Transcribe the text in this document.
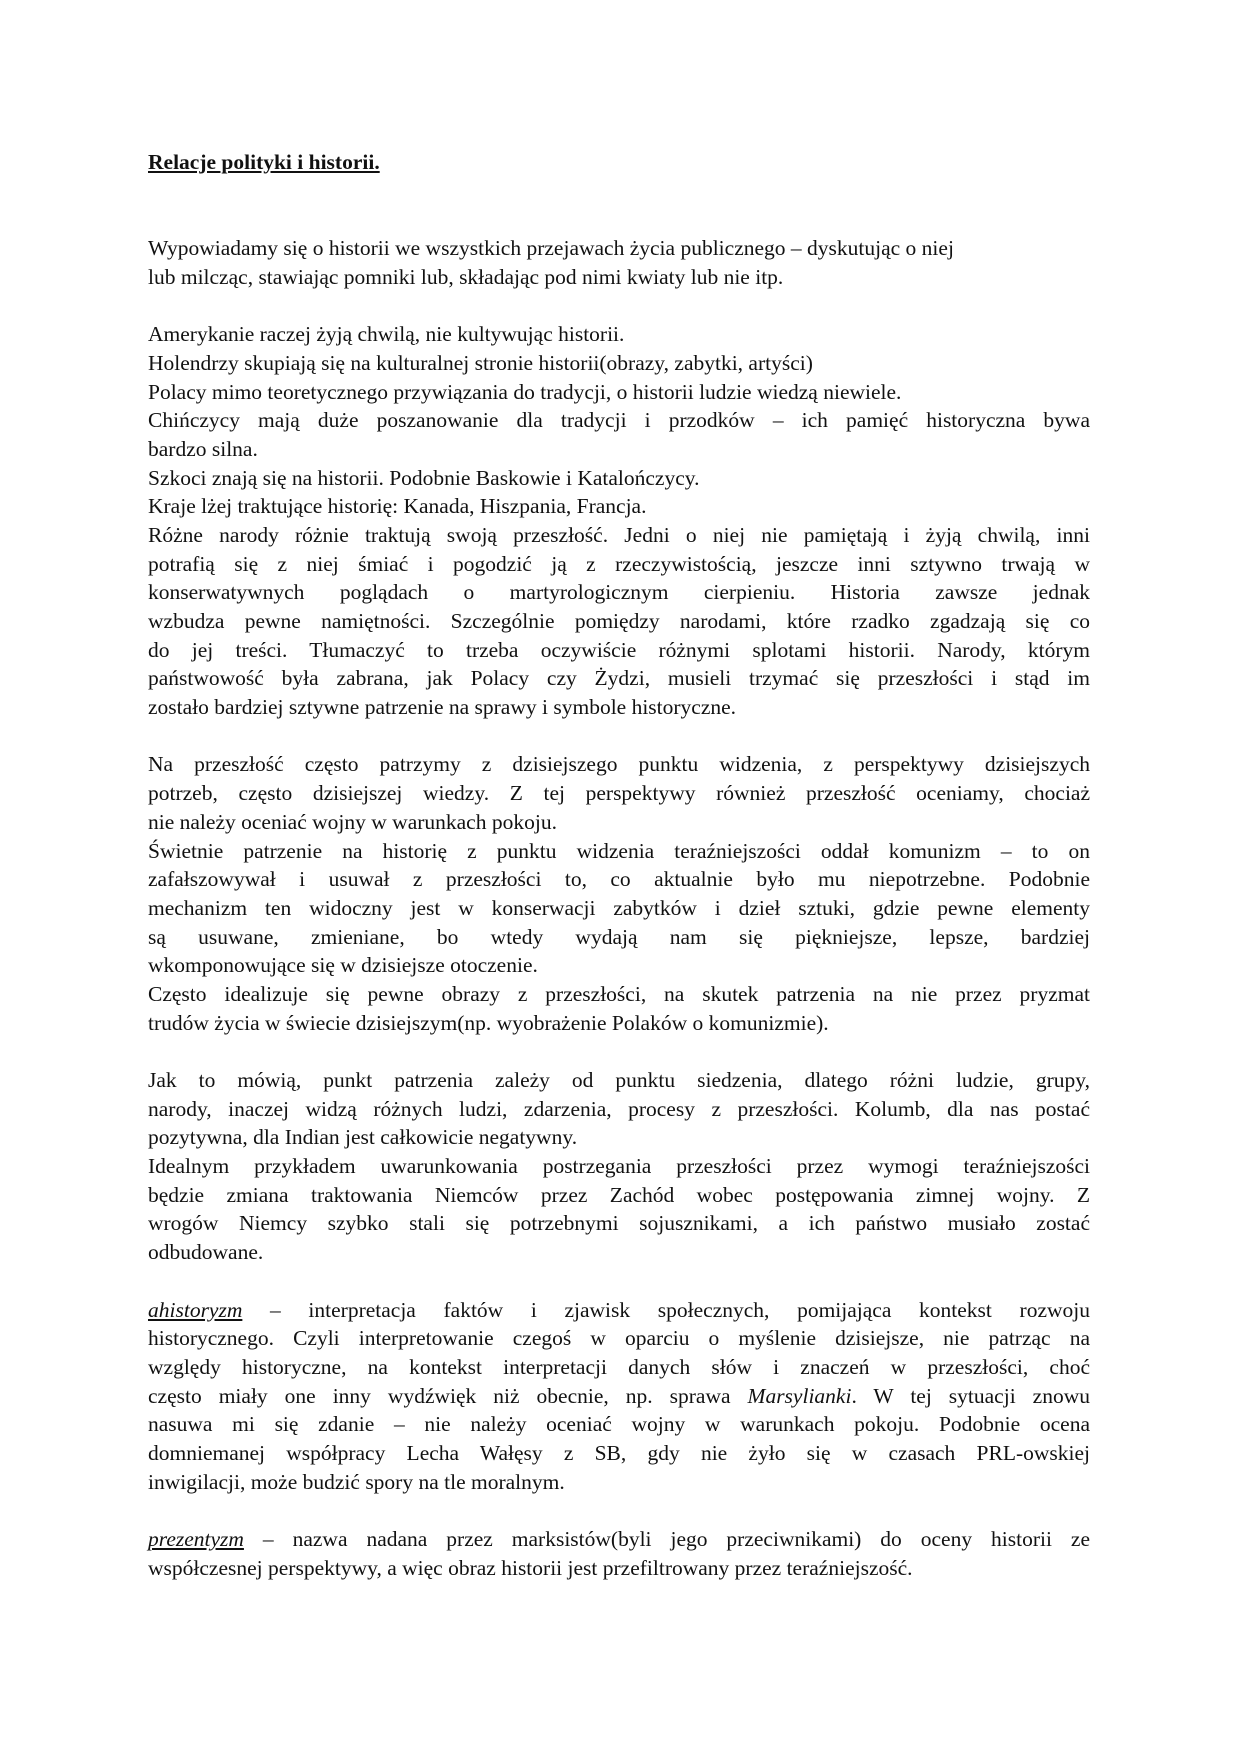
Relacje polityki i historii.
Wypowiadamy się o historii we wszystkich przejawach życia publicznego – dyskutując o niej
lub milcząc, stawiając pomniki lub, składając pod nimi kwiaty lub nie itp.
Amerykanie raczej żyją chwilą, nie kultywując historii.
Holendrzy skupiają się na kulturalnej stronie historii(obrazy, zabytki, artyści)
Polacy mimo teoretycznego przywiązania do tradycji, o historii ludzie wiedzą niewiele.
Chińczycy mają duże poszanowanie dla tradycji i przodków – ich pamięć historyczna bywa
bardzo silna.
Szkoci znają się na historii. Podobnie Baskowie i Katalończycy.
Kraje lżej traktujące historię: Kanada, Hiszpania, Francja.
Różne narody różnie traktują swoją przeszłość. Jedni o niej nie pamiętają i żyją chwilą, inni
potrafią się z niej śmiać i pogodzić ją z rzeczywistością, jeszcze inni sztywno trwają w
konserwatywnych poglądach o martyrologicznym cierpieniu. Historia zawsze jednak
wzbudza pewne namiętności. Szczególnie pomiędzy narodami, które rzadko zgadzają się co
do jej treści. Tłumaczyć to trzeba oczywiście różnymi splotami historii. Narody, którym
państwowość była zabrana, jak Polacy czy Żydzi, musieli trzymać się przeszłości i stąd im
zostało bardziej sztywne patrzenie na sprawy i symbole historyczne.
Na przeszłość często patrzymy z dzisiejszego punktu widzenia, z perspektywy dzisiejszych
potrzeb, często dzisiejszej wiedzy. Z tej perspektywy również przeszłość oceniamy, chociaż
nie należy oceniać wojny w warunkach pokoju.
Świetnie patrzenie na historię z punktu widzenia teraźniejszości oddał komunizm – to on
zafałszowywał i usuwał z przeszłości to, co aktualnie było mu niepotrzebne. Podobnie
mechanizm ten widoczny jest w konserwacji zabytków i dzieł sztuki, gdzie pewne elementy
są usuwane, zmieniane, bo wtedy wydają nam się piękniejsze, lepsze, bardziej
wkomponowujące się w dzisiejsze otoczenie.
Często idealizuje się pewne obrazy z przeszłości, na skutek patrzenia na nie przez pryzmat
trudów życia w świecie dzisiejszym(np. wyobrażenie Polaków o komunizmie).
Jak to mówią, punkt patrzenia zależy od punktu siedzenia, dlatego różni ludzie, grupy,
narody, inaczej widzą różnych ludzi, zdarzenia, procesy z przeszłości. Kolumb, dla nas postać
pozytywna, dla Indian jest całkowicie negatywny.
Idealnym przykładem uwarunkowania postrzegania przeszłości przez wymogi teraźniejszości
będzie zmiana traktowania Niemców przez Zachód wobec postępowania zimnej wojny. Z
wrogów Niemcy szybko stali się potrzebnymi sojusznikami, a ich państwo musiało zostać
odbudowane.
ahistoryzm – interpretacja faktów i zjawisk społecznych, pomijająca kontekst rozwoju
historycznego. Czyli interpretowanie czegoś w oparciu o myślenie dzisiejsze, nie patrząc na
względy historyczne, na kontekst interpretacji danych słów i znaczeń w przeszłości, choć
często miały one inny wydźwięk niż obecnie, np. sprawa Marsylianki. W tej sytuacji znowu
nasuwa mi się zdanie – nie należy oceniać wojny w warunkach pokoju. Podobnie ocena
domniemanej współpracy Lecha Wałęsy z SB, gdy nie żyło się w czasach PRL-owskiej
inwigilacji, może budzić spory na tle moralnym.
prezentyzm – nazwa nadana przez marksistów(byli jego przeciwnikami) do oceny historii ze
współczesnej perspektywy, a więc obraz historii jest przefiltrowany przez teraźniejszość.
